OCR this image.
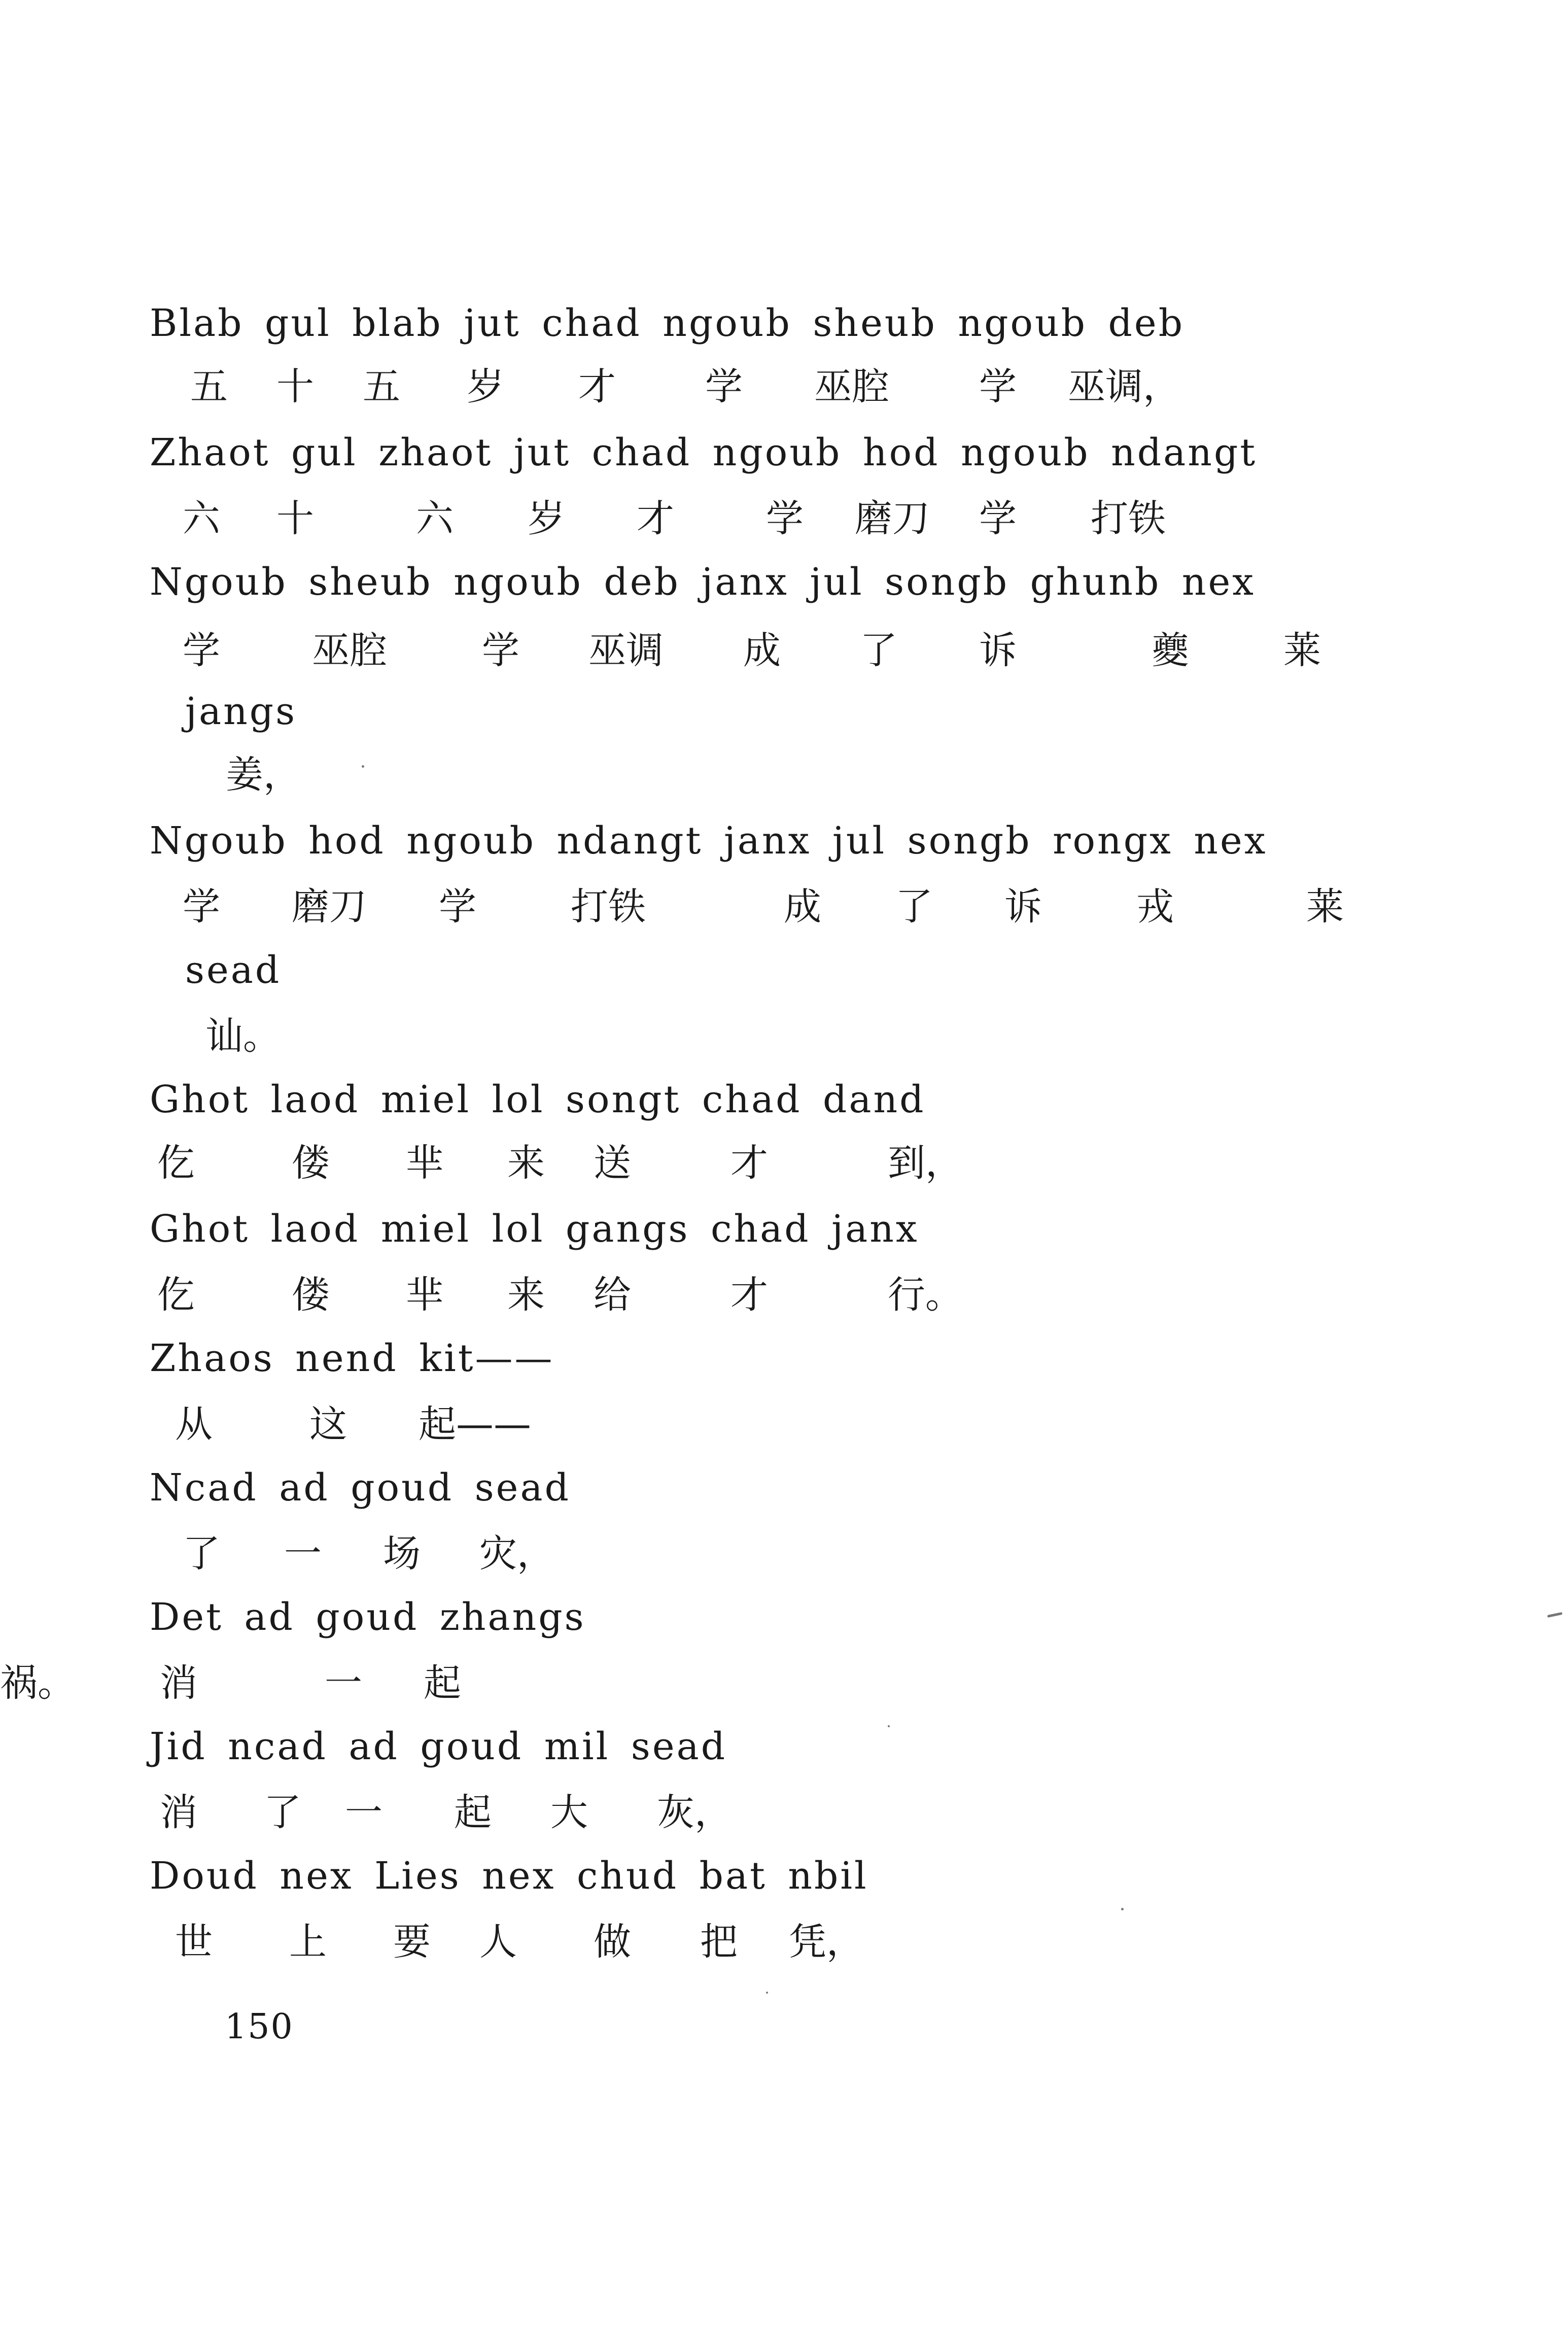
Blab gul blab jut chad ngoub sheub ngoub deb
五 十 五 岁 才 学 巫腔 学 巫调，
Zhaot gul zhaot jut chad ngoub hod ngoub ndangt
六 十	六 岁 才 学 磨刀 学 打铁
Ngoub sheub ngoub deb janx jul songb ghunb nex
学 巫腔	学 巫调 成 了 诉	夔	莱
jangs
姜，
Ngoub hod ngoub ndangt janx jul songb rongx nex
学 磨刀 学	打铁	成 了 诉	戎	莱
sead
讪。
Ghot laod miel lol songt chad dand
仡	偻 芈 来 送	才	到，
Ghot laod miel lol gangs chad janx
仡	偻 芈 来 给	才	行。
Zhaos nend kit——
从	这 起——
Ncad ad goud sead
了 一 场 灾，
Det ad goud zhangs
消	一 起
祸。
Jid ncad ad goud mil sead
消 了 一 起 大 灰，
Doud nex Lies nex chud bat nbil
世 上 要 人 做 把 凭，
150
